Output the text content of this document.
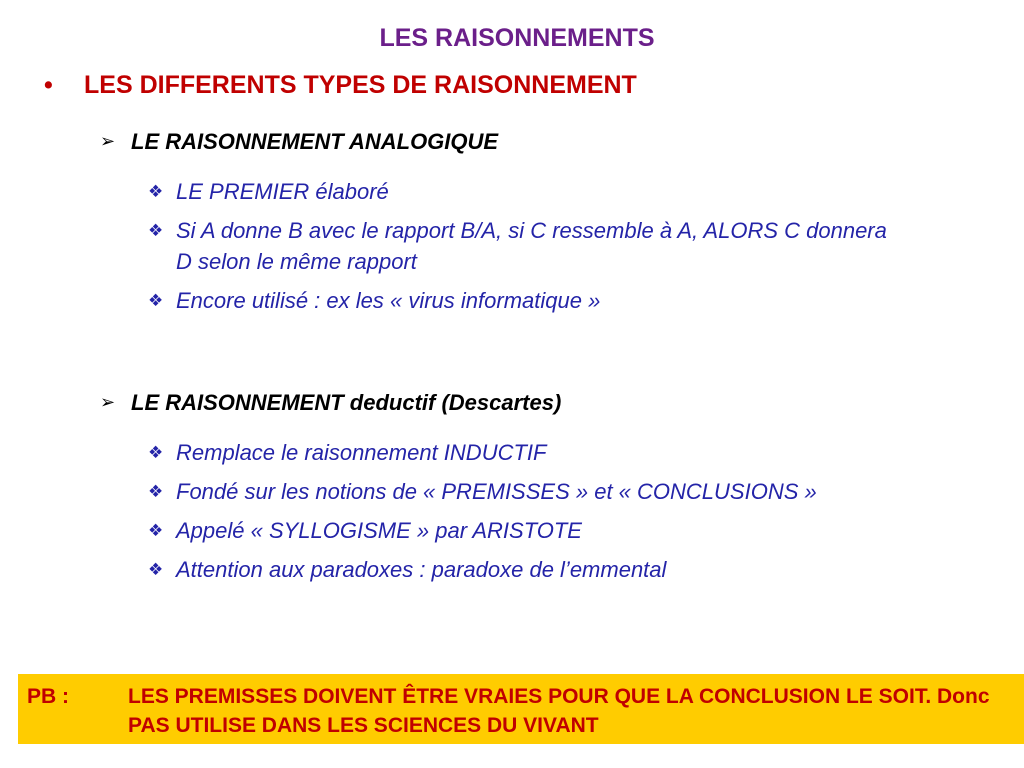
LES RAISONNEMENTS
• LES DIFFERENTS TYPES DE RAISONNEMENT
➢ LE RAISONNEMENT ANALOGIQUE
❖ LE PREMIER élaboré
❖ Si A donne B avec le rapport B/A, si C ressemble à A, ALORS C donnera D selon le même rapport
❖ Encore utilisé : ex les « virus informatique »
➢ LE RAISONNEMENT deductif (Descartes)
❖ Remplace le raisonnement INDUCTIF
❖ Fondé sur les notions de « PREMISSES » et « CONCLUSIONS »
❖ Appelé « SYLLOGISME » par ARISTOTE
❖ Attention aux paradoxes : paradoxe de l’emmental
PB :	LES PREMISSES DOIVENT ÊTRE VRAIES POUR QUE LA CONCLUSION LE SOIT. Donc PAS UTILISE DANS LES SCIENCES DU VIVANT
